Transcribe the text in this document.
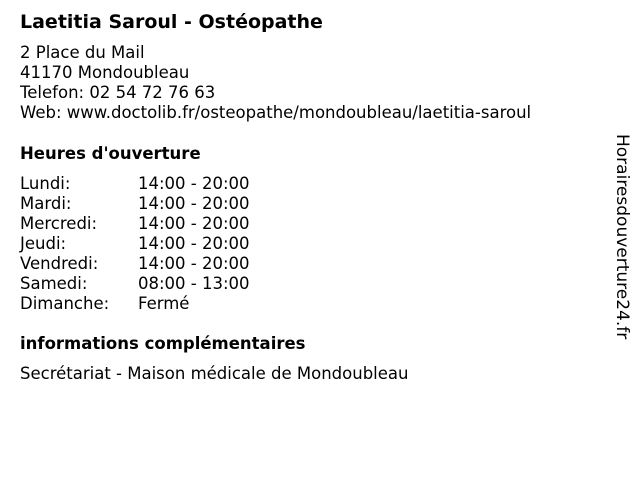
Laetitia Saroul - Ostéopathe
2 Place du Mail
41170 Mondoubleau
Telefon: 02 54 72 76 63
Web: www.doctolib.fr/osteopathe/mondoubleau/laetitia-saroul
Heures d'ouverture
Lundi:	14:00 - 20:00
Mardi:	14:00 - 20:00
Mercredi:	14:00 - 20:00
Jeudi:	14:00 - 20:00
Vendredi:	14:00 - 20:00
Samedi:	08:00 - 13:00
Dimanche:	Fermé
informations complémentaires
Secrétariat - Maison médicale de Mondoubleau
Horairesdouverture24.fr
